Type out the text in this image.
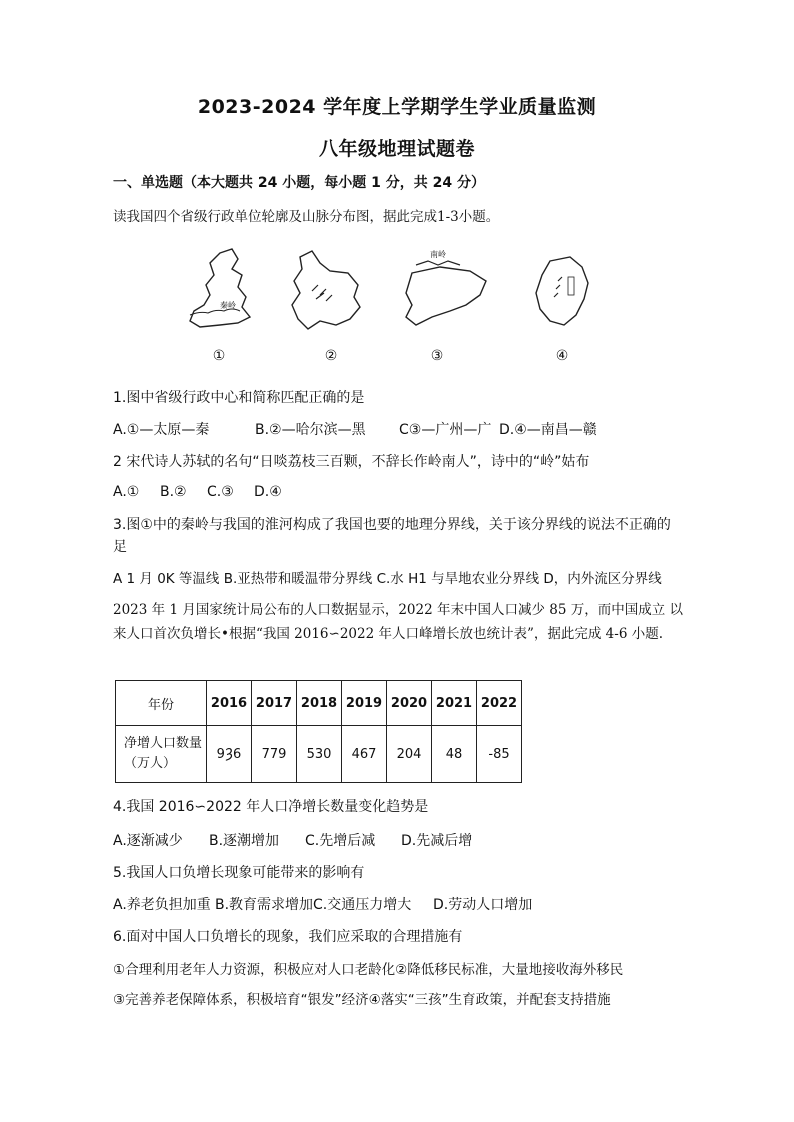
2023-2024 学年度上学期学生学业质量监测
八年级地理试题卷
一、单选题（本大题共 24 小题，每小题 1 分，共 24 分）
读我国四个省级行政单位轮廓及山脉分布图，据此完成1-3小题。
秦岭
南岭
①	②	③	④
1.图中省级行政中心和简称匹配正确的是
A.①—太原—秦	B.②—哈尔滨—黑 C③—广州—广 D.④—南昌—赣
2 宋代诗人苏轼的名句“日啖荔枝三百颗，不辞长作岭南人”，诗中的“岭”姑布
A.① B.② C.③ D.④
3.图①中的秦岭与我国的淮河构成了我国也要的地理分界线，关于该分界线的说法不正确的足
A 1 月 0K 等温线 B.亚热带和暖温带分界线 C.水 H1 与旱地农业分界线 D，内外流区分界线
2023 年 1 月国家统计局公布的人口数据显示，2022 年末中国人口减少 85 万，而中国成立 以来人口首次负增长•根据“我国 2016∽2022 年人口峰增长放也统计表”，据此完成 4-6 小题.
年份	2016	2017	2018	2019	2020	2021	2022
净增人口数量（万人）	9Ȝ6	779	530	467	204	48	-85
4.我国 2016∽2022 年人口净增长数量变化趋势是
A.逐渐减少 B.逐潮增加 C.先增后减 D.先减后增
5.我国人口负增长现象可能带来的影响有
A.养老负担加重 B.教育需求增加C.交通压力增大 D.劳动人口增加
6.面对中国人口负增长的现象，我们应采取的合理措施有
①合理利用老年人力资源，积极应对人口老龄化②降低移民标准，大量地接收海外移民
③完善养老保障体系，积极培育“银发”经济④落实“三孩”生育政策，并配套支持措施
